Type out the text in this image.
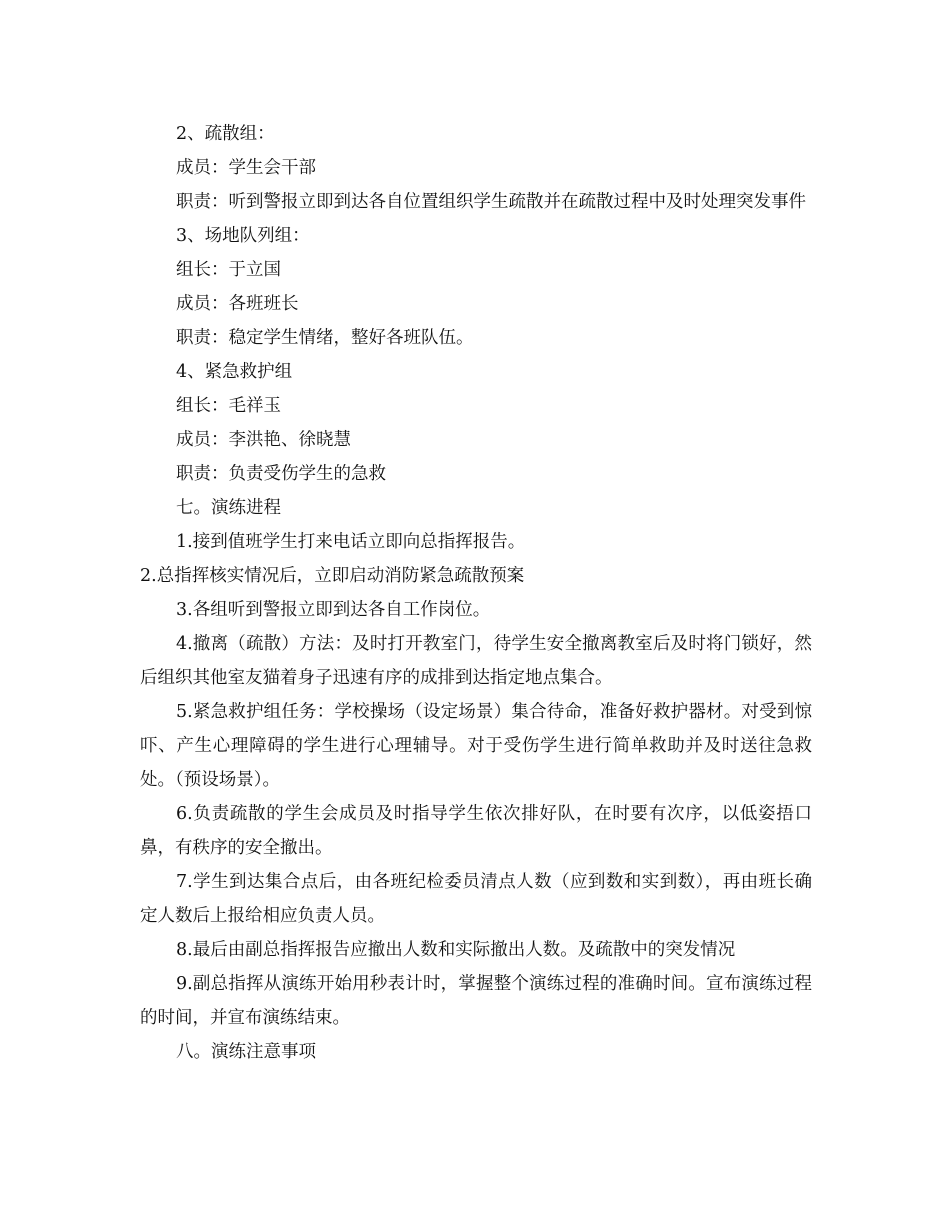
2、疏散组：

成员：学生会干部

职责：听到警报立即到达各自位置组织学生疏散并在疏散过程中及时处理突发事件

3、场地队列组：

组长：于立国

成员：各班班长

职责：稳定学生情绪，整好各班队伍。

4、紧急救护组

组长：毛祥玉

成员：李洪艳、徐晓慧

职责：负责受伤学生的急救

七。演练进程

1.接到值班学生打来电话立即向总指挥报告。

2.总指挥核实情况后，立即启动消防紧急疏散预案

3.各组听到警报立即到达各自工作岗位。

4.撤离（疏散）方法：及时打开教室门，待学生安全撤离教室后及时将门锁好，然后组织其他室友猫着身子迅速有序的成排到达指定地点集合。

5.紧急救护组任务：学校操场（设定场景）集合待命，准备好救护器材。对受到惊吓、产生心理障碍的学生进行心理辅导。对于受伤学生进行简单救助并及时送往急救处。（预设场景）。

6.负责疏散的学生会成员及时指导学生依次排好队，在时要有次序，以低姿捂口鼻，有秩序的安全撤出。

7.学生到达集合点后，由各班纪检委员清点人数（应到数和实到数），再由班长确定人数后上报给相应负责人员。

8.最后由副总指挥报告应撤出人数和实际撤出人数。及疏散中的突发情况

9.副总指挥从演练开始用秒表计时，掌握整个演练过程的准确时间。宣布演练过程的时间，并宣布演练结束。

八。演练注意事项
